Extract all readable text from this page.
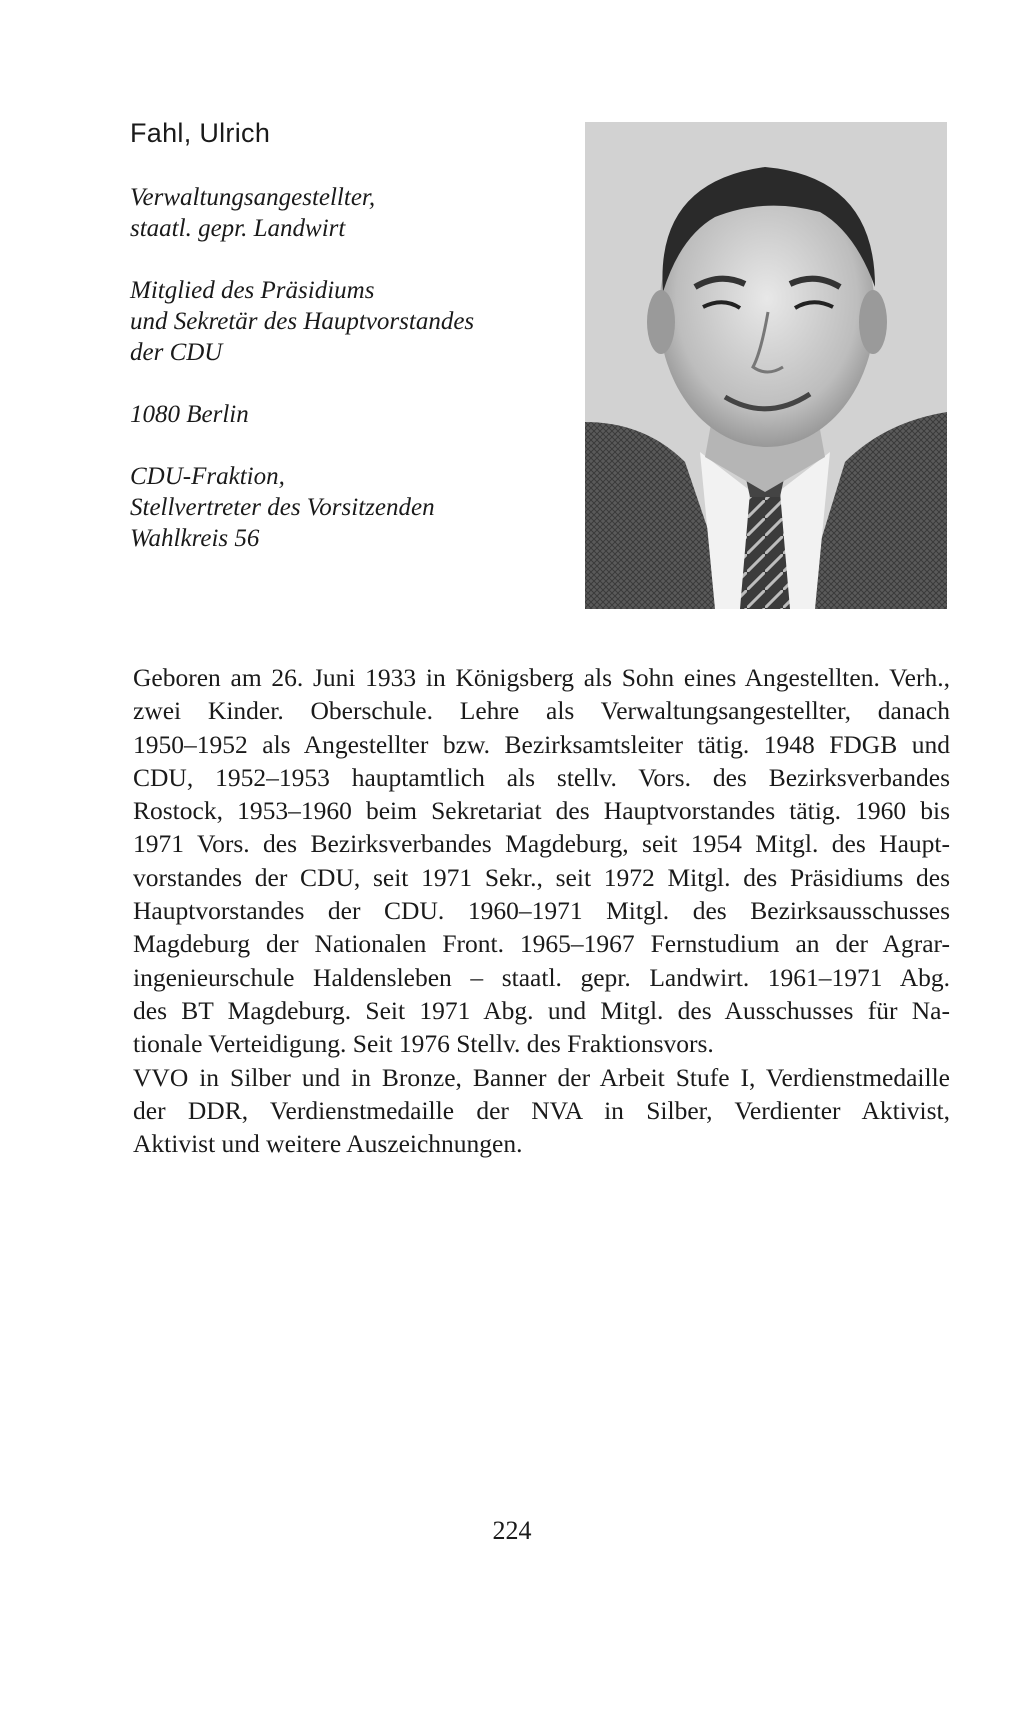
Fahl, Ulrich
Verwaltungsangestellter,
staatl. gepr. Landwirt
Mitglied des Präsidiums
und Sekretär des Hauptvorstandes
der CDU
1080 Berlin
CDU-Fraktion,
Stellvertreter des Vorsitzenden
Wahlkreis 56
Geboren am 26. Juni 1933 in Königsberg als Sohn eines Angestellten. Verh.,
zwei Kinder. Oberschule. Lehre als Verwaltungsangestellter, danach
1950–1952 als Angestellter bzw. Bezirksamtsleiter tätig. 1948 FDGB und
CDU, 1952–1953 hauptamtlich als stellv. Vors. des Bezirksverbandes
Rostock, 1953–1960 beim Sekretariat des Hauptvorstandes tätig. 1960 bis
1971 Vors. des Bezirksverbandes Magdeburg, seit 1954 Mitgl. des Haupt-
vorstandes der CDU, seit 1971 Sekr., seit 1972 Mitgl. des Präsidiums des
Hauptvorstandes der CDU. 1960–1971 Mitgl. des Bezirksausschusses
Magdeburg der Nationalen Front. 1965–1967 Fernstudium an der Agrar-
ingenieurschule Haldensleben – staatl. gepr. Landwirt. 1961–1971 Abg.
des BT Magdeburg. Seit 1971 Abg. und Mitgl. des Ausschusses für Na-
tionale Verteidigung. Seit 1976 Stellv. des Fraktionsvors.
VVO in Silber und in Bronze, Banner der Arbeit Stufe I, Verdienstmedaille
der DDR, Verdienstmedaille der NVA in Silber, Verdienter Aktivist,
Aktivist und weitere Auszeichnungen.
224
